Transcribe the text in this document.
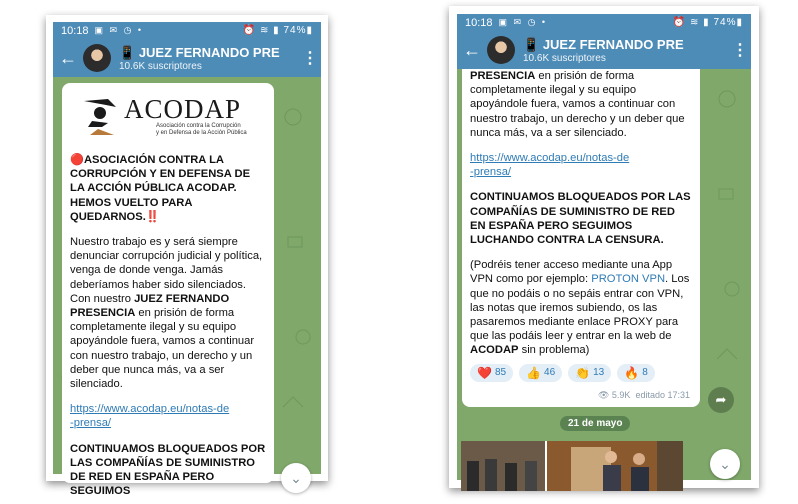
10:18 ▣ ✉ ◷ •	⏰ ≋ ▮ 74%▮
←	📱 JUEZ FERNANDO PRE
10.6K suscriptores	⋮
ACODAP
Asociación contra la Corrupción
y en Defensa de la Acción Pública

🔴ASOCIACIÓN CONTRA LA CORRUPCIÓN Y EN DEFENSA DE LA ACCIÓN PÚBLICA ACODAP. HEMOS VUELTO PARA QUEDARNOS.‼️

Nuestro trabajo es y será siempre denunciar corrupción judicial y política, venga de donde venga. Jamás deberíamos haber sido silenciados. Con nuestro JUEZ FERNANDO PRESENCIA en prisión de forma completamente ilegal y su equipo apoyándole fuera, vamos a continuar con nuestro trabajo, un derecho y un deber que nunca más, va a ser silenciado.

https://www.acodap.eu/notas-de
-prensa/

CONTINUAMOS BLOQUEADOS POR LAS COMPAÑÍAS DE SUMINISTRO DE RED EN ESPAÑA PERO SEGUIMOS

⌄
10:18 ▣ ✉ ◷ •	⏰ ≋ ▮ 74%▮
←	📱 JUEZ FERNANDO PRE
10.6K suscriptores	⋮

PRESENCIA en prisión de forma completamente ilegal y su equipo apoyándole fuera, vamos a continuar con nuestro trabajo, un derecho y un deber que nunca más, va a ser silenciado.

https://www.acodap.eu/notas-de
-prensa/

CONTINUAMOS BLOQUEADOS POR LAS COMPAÑÍAS DE SUMINISTRO DE RED EN ESPAÑA PERO SEGUIMOS LUCHANDO CONTRA LA CENSURA.

(Podréis tener acceso mediante una App VPN como por ejemplo: PROTON VPN. Los que no podáis o no sepáis entrar con VPN, las notas que iremos subiendo, os las pasaremos mediante enlace PROXY para que las podáis leer y entrar en la web de ACODAP sin problema)

❤️ 85 👍 46 👏 13 🔥 8
👁 5.9K editado 17:31 ➦
21 de mayo
⌄
